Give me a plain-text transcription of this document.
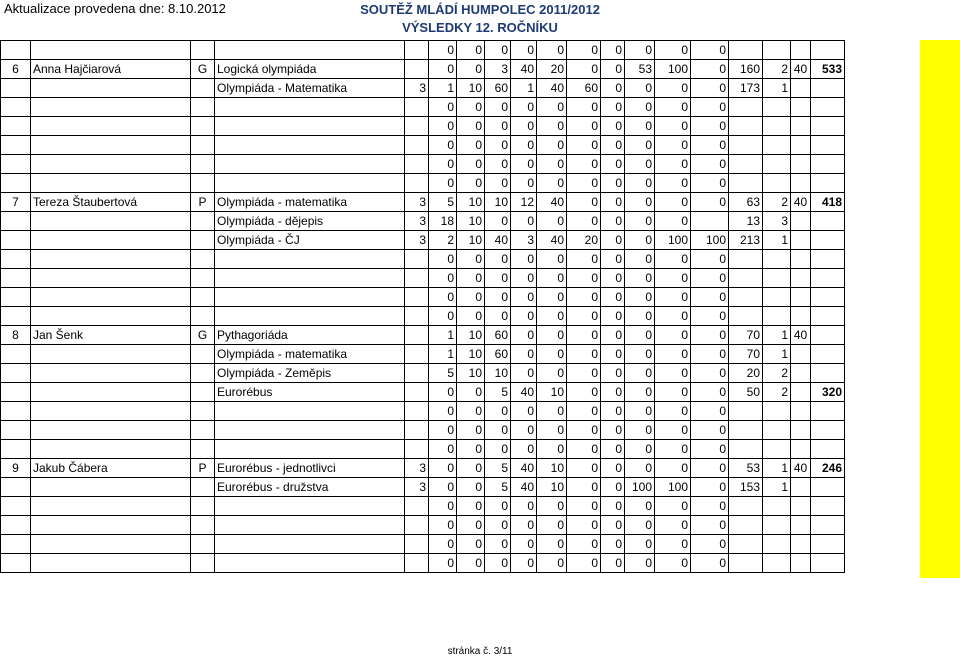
Aktualizace provedena dne: 8.10.2012	SOUTĚŽ MLÁDÍ HUMPOLEC 2011/2012
VÝSLEDKY 12. ROČNÍKU
					0	0	0	0	0	0	0	0	0	0				
6	Anna Hajčiarová	G	Logická olympiáda		0	0	3	40	20	0	0	53	100	0	160	2	40	533
			Olympiáda - Matematika	3	1	10	60	1	40	60	0	0	0	0	173	1		
					0	0	0	0	0	0	0	0	0	0				
					0	0	0	0	0	0	0	0	0	0				
					0	0	0	0	0	0	0	0	0	0				
					0	0	0	0	0	0	0	0	0	0				
					0	0	0	0	0	0	0	0	0	0				
7	Tereza Štaubertová	P	Olympiáda - matematika	3	5	10	10	12	40	0	0	0	0	0	63	2	40	418
			Olympiáda - dějepis	3	18	10	0	0	0	0	0	0	0		13	3		
			Olympiáda - ČJ	3	2	10	40	3	40	20	0	0	100	100	213	1		
					0	0	0	0	0	0	0	0	0	0				
					0	0	0	0	0	0	0	0	0	0				
					0	0	0	0	0	0	0	0	0	0				
					0	0	0	0	0	0	0	0	0	0				
8	Jan Šenk	G	Pythagoriáda		1	10	60	0	0	0	0	0	0	0	70	1	40	
			Olympiáda - matematika		1	10	60	0	0	0	0	0	0	0	70	1		
			Olympiáda - Zeměpis		5	10	10	0	0	0	0	0	0	0	20	2		
			Eurorébus		0	0	5	40	10	0	0	0	0	0	50	2		320
					0	0	0	0	0	0	0	0	0	0				
					0	0	0	0	0	0	0	0	0	0				
					0	0	0	0	0	0	0	0	0	0				
9	Jakub Čábera	P	Eurorébus - jednotlivci	3	0	0	5	40	10	0	0	0	0	0	53	1	40	246
			Eurorébus - družstva	3	0	0	5	40	10	0	0	100	100	0	153	1		
					0	0	0	0	0	0	0	0	0	0				
					0	0	0	0	0	0	0	0	0	0				
					0	0	0	0	0	0	0	0	0	0				
					0	0	0	0	0	0	0	0	0	0				
stránka č. 3/11
